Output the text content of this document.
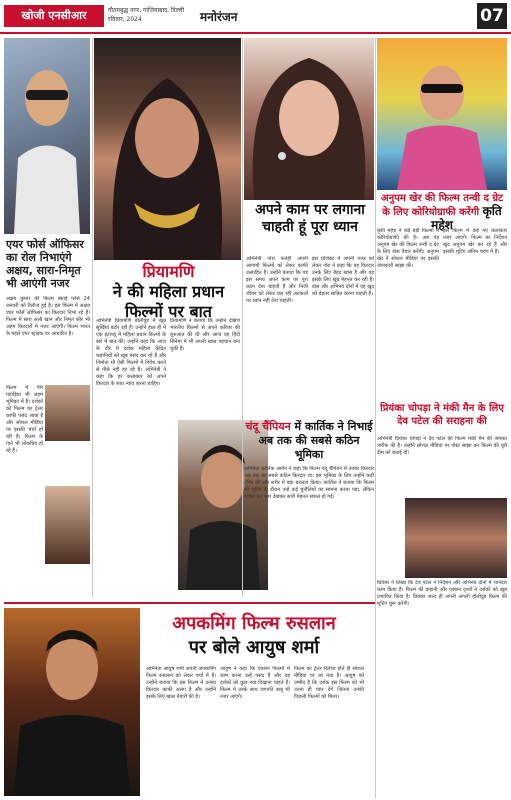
खोजी एनसीआर	गौतमबुद्ध नगर, गाजियाबाद, दिल्ली
रविवार, 2024	मनोरंजन	07
एयर फोर्स ऑफिसर का रोल निभाएंगे अक्षय, सारा-निमृत भी आएंगी नजर
प्रियामणि
ने की महिला प्रधान फिल्मों पर बात
अपने काम पर लगाना चाहती हूं पूरा ध्यान
अनुपम खेर की फिल्म तन्वी द ग्रेट के लिए कोरियोग्राफी करेंगी कृति महेश
चंदू चैंपियन में कार्तिक ने निभाई अब तक की सबसे कठिन भूमिका
प्रियंका चोपड़ा ने मंकी मैन के लिए देव पटेल की सराहना की
अपकमिंग फिल्म रुसलान
पर बोले आयुष शर्मा
अक्षय कुमार की फिल्म स्काई फोर्स 24 जनवरी को रिलीज हुई है। इस फिल्म में अक्षय एयर फोर्स ऑफिसर का किरदार निभा रहे हैं। फिल्म में सारा अली खान और निमृत कौर भी अहम किरदारों में नजर आएंगी। फिल्म भारत के पहले एयर स्ट्राइक पर आधारित है।
फिल्म में वीर पहाड़िया भी अहम भूमिका में हैं। दर्शकों को फिल्म का ट्रेलर काफी पसंद आया है और सोशल मीडिया पर इसकी चर्चा हो रही है। फिल्म के गाने भी लोकप्रिय हो रहे हैं।
अभिनेत्री प्रियामणि बॉलीवुड में खूब सुर्खियां बटोर रही हैं। उन्होंने हाल ही में एक इंटरव्यू में महिला प्रधान फिल्मों के बारे में बात की। उन्होंने कहा कि आज के दौर में दर्शक महिला केंद्रित कहानियों को खूब पसंद कर रहे हैं और निर्माता भी ऐसी फिल्मों में निवेश करने से पीछे नहीं हट रहे हैं। अभिनेत्री ने कहा कि हर कलाकार को अपने किरदार के साथ न्याय करना चाहिए।
प्रियामणि ने बताया कि उन्होंने दक्षिण भारतीय फिल्मों से अपने करियर की शुरुआत की थी और आज वह हिंदी सिनेमा में भी अपनी खास पहचान बना चुकी हैं।
अभिनेत्री नोरा फतेही अपनी आगामी फिल्मों को लेकर काफी उत्साहित हैं। उन्होंने बताया कि वह इस समय अपने काम पर पूरा ध्यान देना चाहती हैं और निजी जीवन को लेकर चल रही अटकलों पर ध्यान नहीं देना चाहतीं।
इस प्रोजेक्ट में अपनी नजर को लेकर नोरा ने कहा कि यह किरदार उनके लिए बेहद खास है और वह इसके लिए खूब मेहनत कर रही हैं। डांस और अभिनय दोनों में वह खुद को बेहतर साबित करना चाहती हैं।
कृति महेश ने कई बड़ी फिल्मों में कोरियोग्राफी की है। अब वह अनुपम खेर की फिल्म तन्वी द ग्रेट के लिए डांस तैयार करेंगी। अनुपम खेर ने सोशल मीडिया पर इसकी जानकारी साझा की।
इस फिल्म में कई नए कलाकार नजर आएंगे। फिल्म का निर्देशन खुद अनुपम खेर कर रहे हैं और इसकी शूटिंग अंतिम चरण में है।
अभिनेता कार्तिक आर्यन ने कहा कि फिल्म चंदू चैंपियन में उनका किरदार अब तक का सबसे कठिन किरदार था। इस भूमिका के लिए उन्होंने कड़ी ट्रेनिंग ली और शरीर में बड़ा बदलाव किया। कार्तिक ने बताया कि फिल्म की शूटिंग के दौरान उन्हें कई चुनौतियों का सामना करना पड़ा, लेकिन दर्शकों का प्यार देखकर सारी मेहनत सफल हो गई।
अभिनेत्री प्रियंका चोपड़ा ने देव पटेल की फिल्म मंकी मैन की जमकर तारीफ की है। उन्होंने सोशल मीडिया पर पोस्ट साझा कर फिल्म की पूरी टीम को बधाई दी।
प्रियंका ने लिखा कि देव पटेल ने निर्देशन और अभिनय दोनों में शानदार काम किया है। फिल्म की कहानी और एक्शन दृश्यों ने दर्शकों को खूब प्रभावित किया है। प्रियंका जल्द ही अपनी अगली हॉलीवुड फिल्म की शूटिंग शुरू करेंगी।
अभिनेता आयुष शर्मा अपनी अपकमिंग फिल्म रुसलान को लेकर चर्चा में हैं। उन्होंने बताया कि इस फिल्म में उनका किरदार काफी अलग है और उन्होंने इसके लिए खास तैयारी की है।
आयुष ने कहा कि एक्शन फिल्मों में काम करना उन्हें पसंद है और वह दर्शकों को कुछ नया दिखाना चाहते हैं। फिल्म में उनके साथ जगपति बाबू भी नजर आएंगे।
फिल्म का ट्रेलर रिलीज होते ही सोशल मीडिया पर छा गया है। आयुष को उम्मीद है कि दर्शक इस फिल्म को भी उतना ही प्यार देंगे जितना उनकी पिछली फिल्मों को मिला।
